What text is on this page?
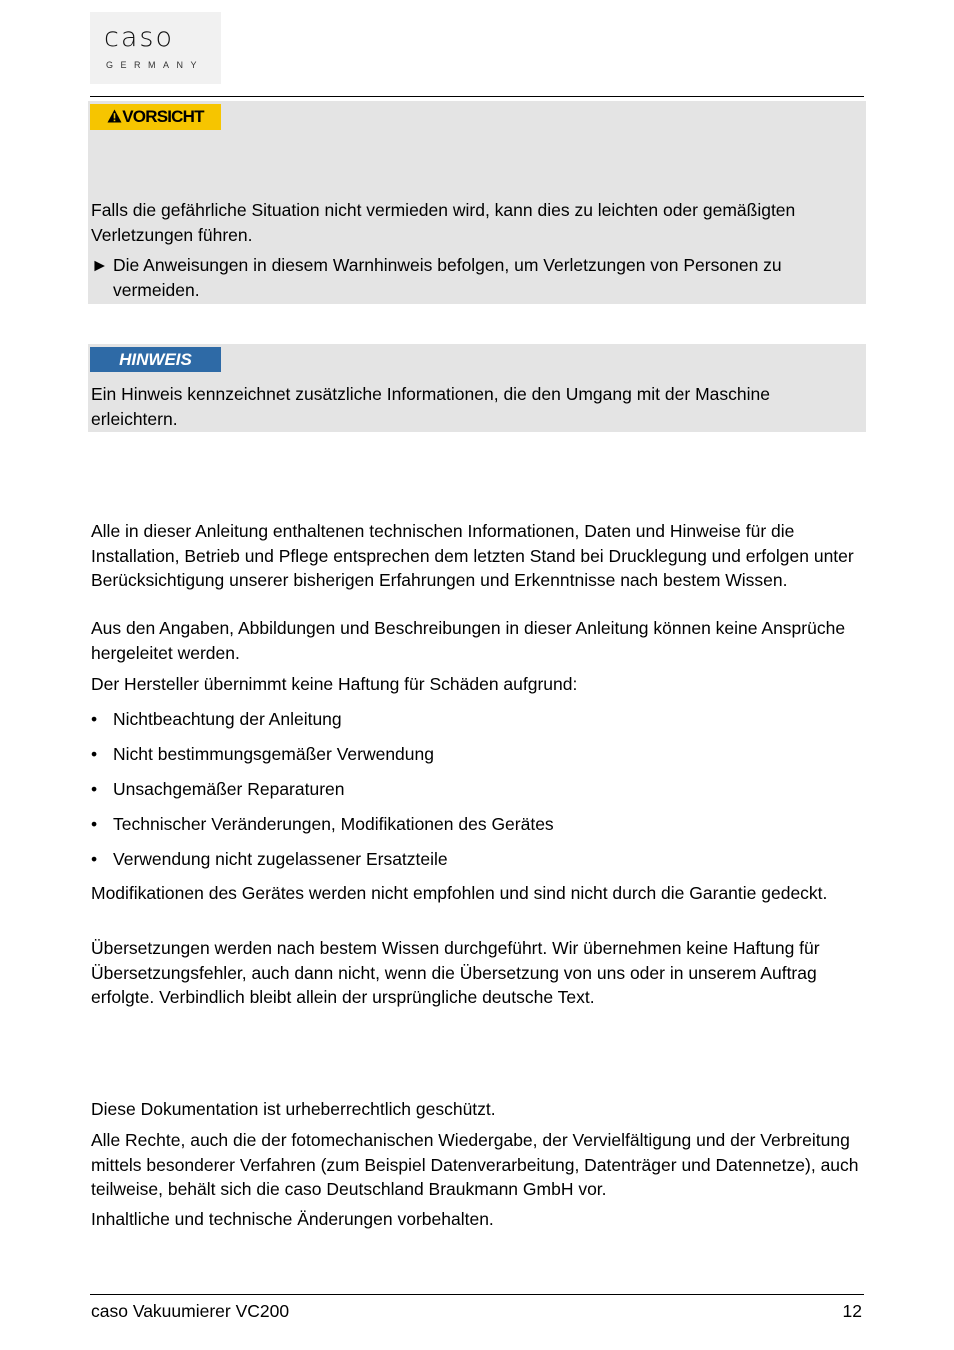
caso
GERMANY
VORSICHT
Falls die gefährliche Situation nicht vermieden wird, kann dies zu leichten oder gemäßigten Verletzungen führen.
► Die Anweisungen in diesem Warnhinweis befolgen, um Verletzungen von Personen zu vermeiden.
HINWEIS
Ein Hinweis kennzeichnet zusätzliche Informationen, die den Umgang mit der Maschine erleichtern.
Alle in dieser Anleitung enthaltenen technischen Informationen, Daten und Hinweise für die Installation, Betrieb und Pflege entsprechen dem letzten Stand bei Drucklegung und erfolgen unter Berücksichtigung unserer bisherigen Erfahrungen und Erkenntnisse nach bestem Wissen.
Aus den Angaben, Abbildungen und Beschreibungen in dieser Anleitung können keine Ansprüche hergeleitet werden.
Der Hersteller übernimmt keine Haftung für Schäden aufgrund:
• Nichtbeachtung der Anleitung
• Nicht bestimmungsgemäßer Verwendung
• Unsachgemäßer Reparaturen
• Technischer Veränderungen, Modifikationen des Gerätes
• Verwendung nicht zugelassener Ersatzteile
Modifikationen des Gerätes werden nicht empfohlen und sind nicht durch die Garantie gedeckt.
Übersetzungen werden nach bestem Wissen durchgeführt. Wir übernehmen keine Haftung für Übersetzungsfehler, auch dann nicht, wenn die Übersetzung von uns oder in unserem Auftrag erfolgte. Verbindlich bleibt allein der ursprüngliche deutsche Text.
Diese Dokumentation ist urheberrechtlich geschützt.
Alle Rechte, auch die der fotomechanischen Wiedergabe, der Vervielfältigung und der Verbreitung mittels besonderer Verfahren (zum Beispiel Datenverarbeitung, Datenträger und Datennetze), auch teilweise, behält sich die caso Deutschland Braukmann GmbH vor.
Inhaltliche und technische Änderungen vorbehalten.
caso Vakuumierer VC200	12
